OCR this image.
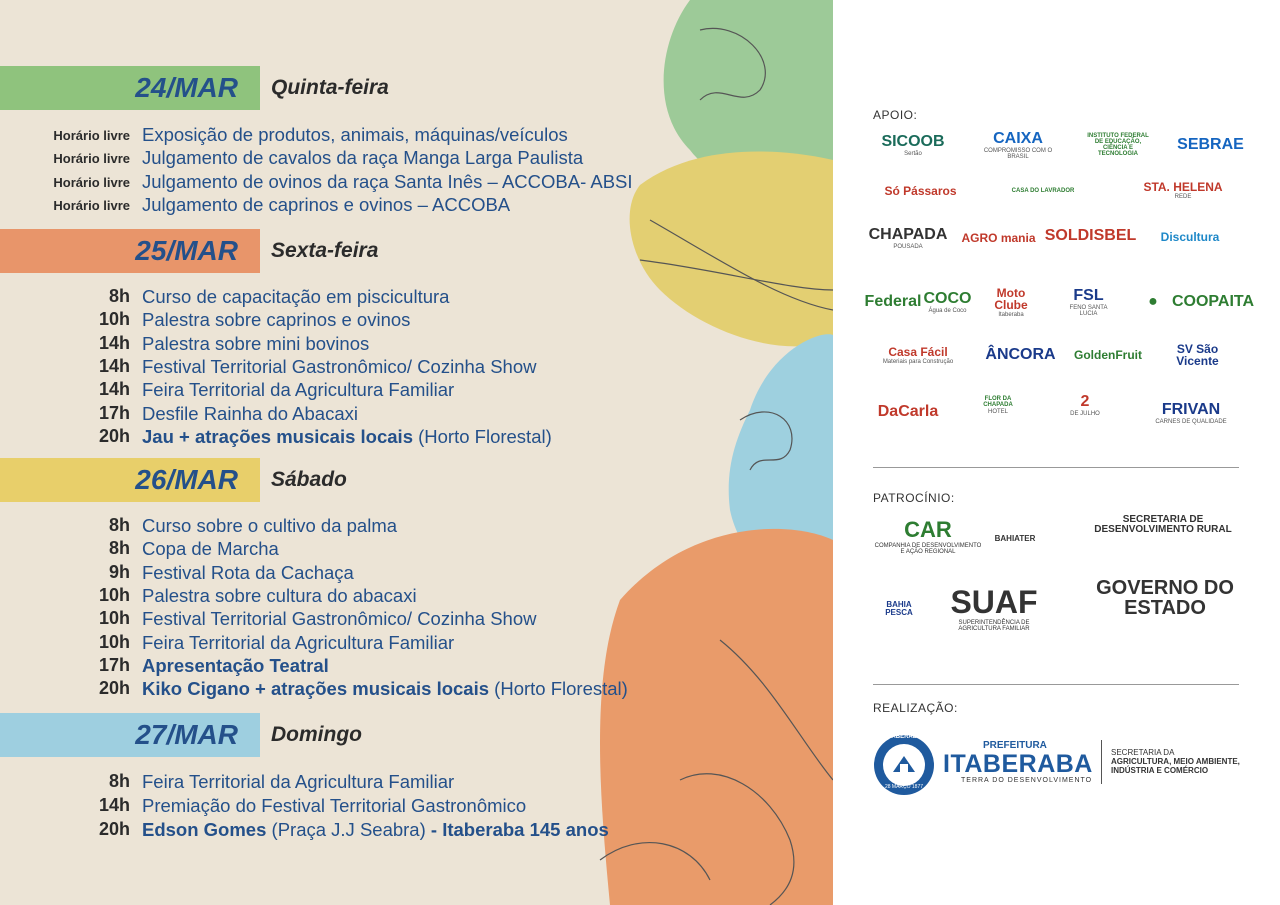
24/MAR Quinta-feira
Horário livre Exposição de produtos, animais, máquinas/veículos
Horário livre Julgamento de cavalos da raça Manga Larga Paulista
Horário livre Julgamento de ovinos da raça Santa Inês – ACCOBA- ABSI
Horário livre Julgamento de caprinos e ovinos – ACCOBA
25/MAR Sexta-feira
8h Curso de capacitação em piscicultura
10h Palestra sobre caprinos e ovinos
14h Palestra sobre mini bovinos
14h Festival Territorial Gastronômico/ Cozinha Show
14h Feira Territorial da Agricultura Familiar
17h Desfile Rainha do Abacaxi
20h Jau + atrações musicais locais (Horto Florestal)
26/MAR Sábado
8h Curso sobre o cultivo da palma
8h Copa de Marcha
9h Festival Rota da Cachaça
10h Palestra sobre cultura do abacaxi
10h Festival Territorial Gastronômico/ Cozinha Show
10h Feira Territorial da Agricultura Familiar
17h Apresentação Teatral
20h Kiko Cigano + atrações musicais locais (Horto Florestal)
27/MAR Domingo
8h Feira Territorial da Agricultura Familiar
14h Premiação do Festival Territorial Gastronômico
20h Edson Gomes (Praça J.J Seabra) - Itaberaba 145 anos
APOIO:
SICOOB
Sertão
CAIXA
COMPROMISSO COM O BRASIL
INSTITUTO FEDERAL DE EDUCAÇÃO, CIÊNCIA E TECNOLOGIA
SEBRAE
Só Pássaros	CASA DO LAVRADOR	STA. HELENA
REDE
CHAPADA
POUSADA
AGRO mania SOLDISBEL Discultura
Federal COCO
Água de Coco
Moto Clube
Itaberaba
FSL
FENO SANTA LUCIA
● COOPAITA
Casa Fácil
Materiais para Construção ÂNCORA GoldenFruit	SV São Vicente
DaCarla
FLOR DA CHAPADA
HOTEL
2
DE JULHO	FRIVAN
CARNES DE QUALIDADE
PATROCÍNIO:
CAR
COMPANHIA DE DESENVOLVIMENTO E AÇÃO REGIONAL
BAHIATER
SECRETARIA DE DESENVOLVIMENTO RURAL
BAHIA PESCA	SUAF
SUPERINTENDÊNCIA DE AGRICULTURA FAMILIAR
GOVERNO DO ESTADO
REALIZAÇÃO:
ITABERABA
28 MARÇO 1877
PREFEITURA
ITABERABA
TERRA DO DESENVOLVIMENTO
SECRETARIA DA
AGRICULTURA, MEIO AMBIENTE,
INDÚSTRIA E COMÉRCIO
